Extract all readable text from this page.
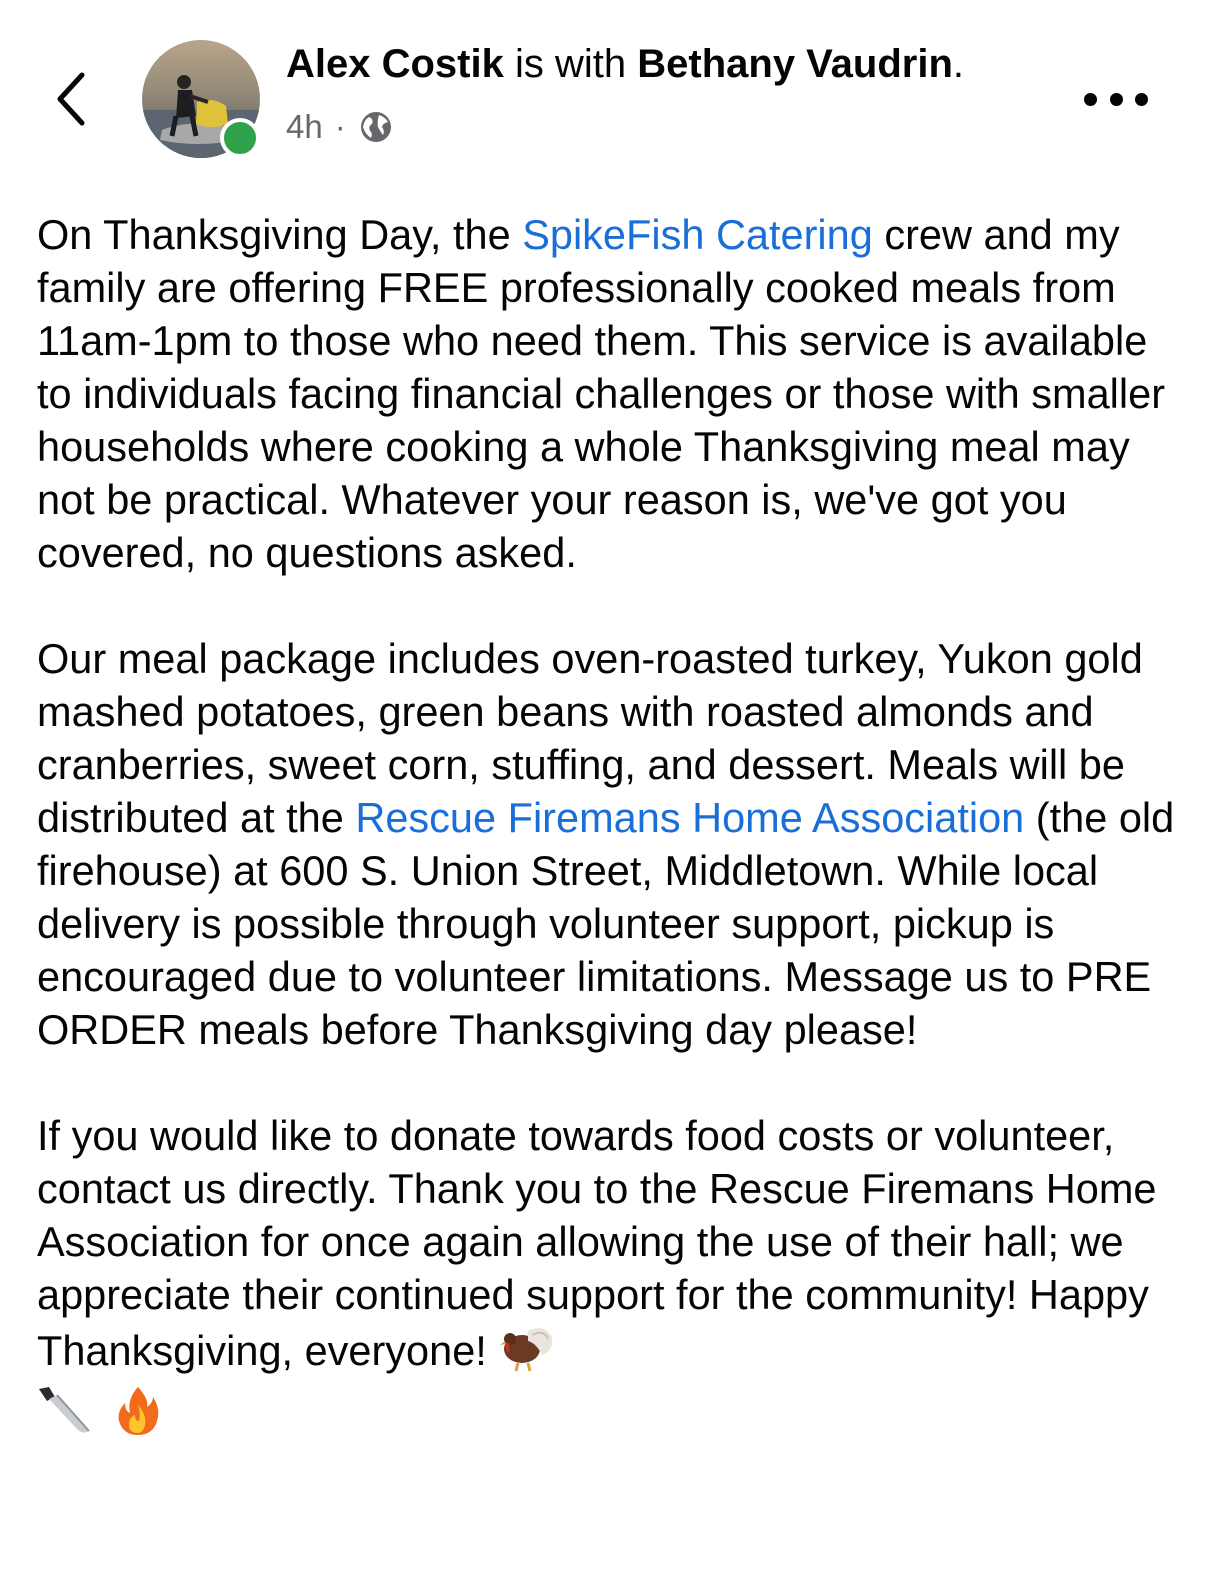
Alex Costik is with Bethany Vaudrin.
4h ·

On Thanksgiving Day, the SpikeFish Catering crew and my family are offering FREE professionally cooked meals from 11am-1pm to those who need them. This service is available to individuals facing financial challenges or those with smaller households where cooking a whole Thanksgiving meal may not be practical. Whatever your reason is, we've got you covered, no questions asked.

Our meal package includes oven-roasted turkey, Yukon gold mashed potatoes, green beans with roasted almonds and cranberries, sweet corn, stuffing, and dessert. Meals will be distributed at the Rescue Firemans Home Association (the old firehouse) at 600 S. Union Street, Middletown. While local delivery is possible through volunteer support, pickup is encouraged due to volunteer limitations. Message us to PRE ORDER meals before Thanksgiving day please!

If you would like to donate towards food costs or volunteer, contact us directly. Thank you to the Rescue Firemans Home Association for once again allowing the use of their hall; we appreciate their continued support for the community! Happy Thanksgiving, everyone!
